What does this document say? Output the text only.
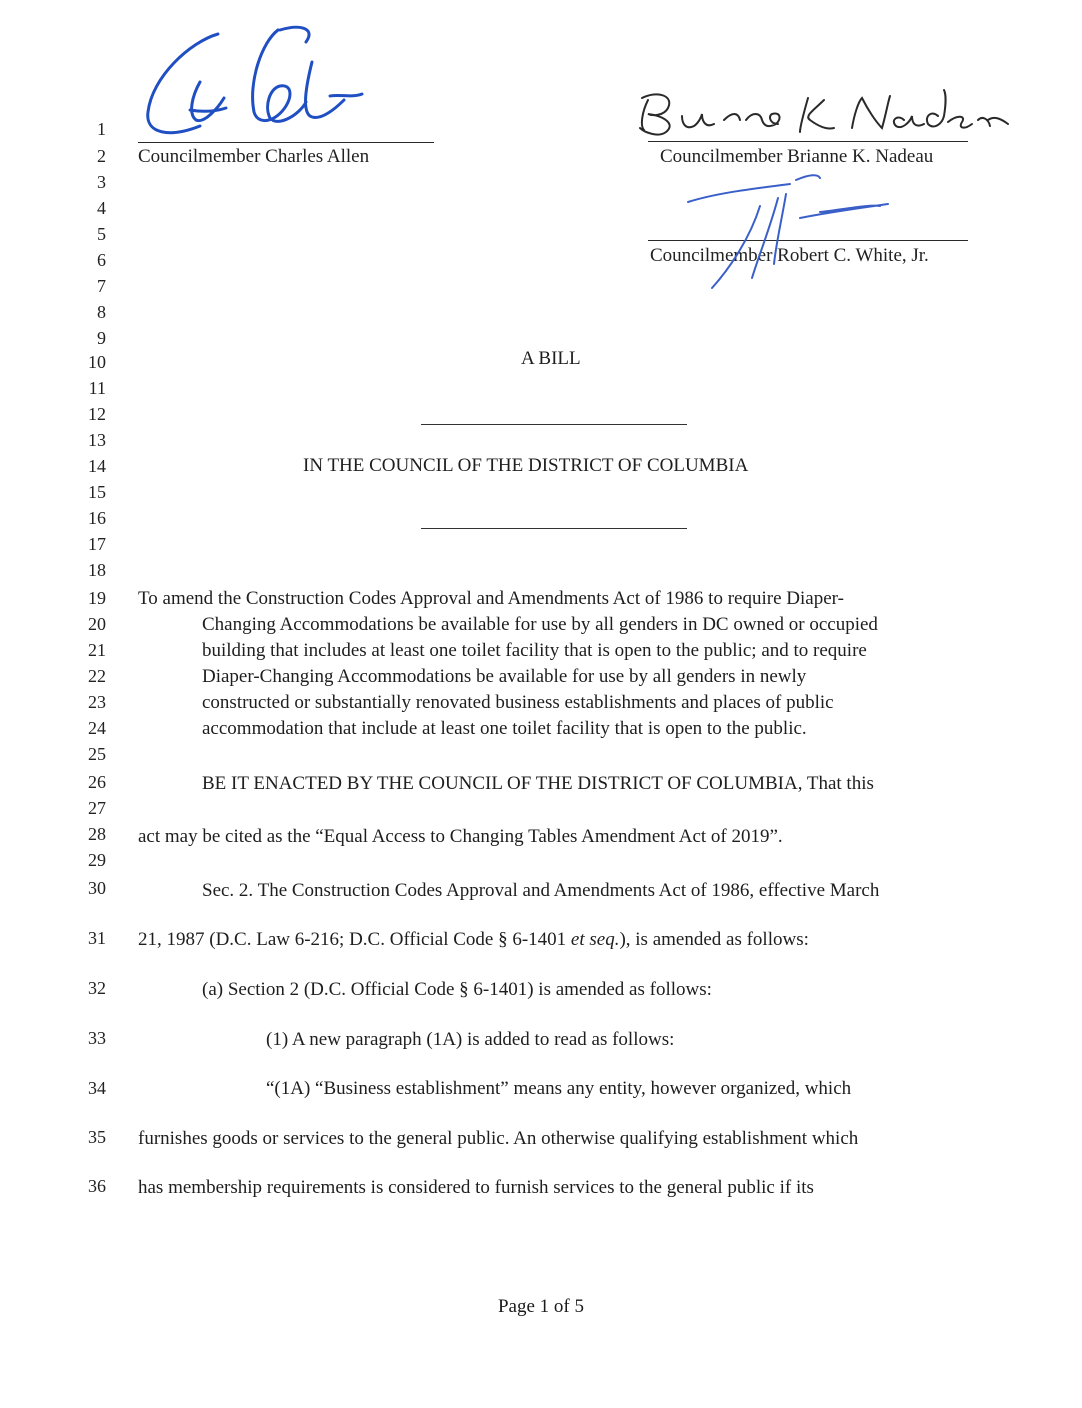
Councilmember Charles Allen	Councilmember Brianne K. Nadeau
Councilmember Robert C. White, Jr.
1
2
3
4
5
6
7
8
9
10
11
12
13
14
15
16
17
18
19
20
21
22
23
24
25
26
27
28
29
30
31
32
33
34
35
36
A BILL
IN THE COUNCIL OF THE DISTRICT OF COLUMBIA
To amend the Construction Codes Approval and Amendments Act of 1986 to require Diaper-
Changing Accommodations be available for use by all genders in DC owned or occupied
building that includes at least one toilet facility that is open to the public; and to require
Diaper-Changing Accommodations be available for use by all genders in newly
constructed or substantially renovated business establishments and places of public
accommodation that include at least one toilet facility that is open to the public.
BE IT ENACTED BY THE COUNCIL OF THE DISTRICT OF COLUMBIA, That this
act may be cited as the “Equal Access to Changing Tables Amendment Act of 2019”.
Sec. 2. The Construction Codes Approval and Amendments Act of 1986, effective March
21, 1987 (D.C. Law 6-216; D.C. Official Code § 6-1401 et seq.), is amended as follows:
(a) Section 2 (D.C. Official Code § 6-1401) is amended as follows:
(1) A new paragraph (1A) is added to read as follows:
“(1A) “Business establishment” means any entity, however organized, which
furnishes goods or services to the general public. An otherwise qualifying establishment which
has membership requirements is considered to furnish services to the general public if its
Page 1 of 5
